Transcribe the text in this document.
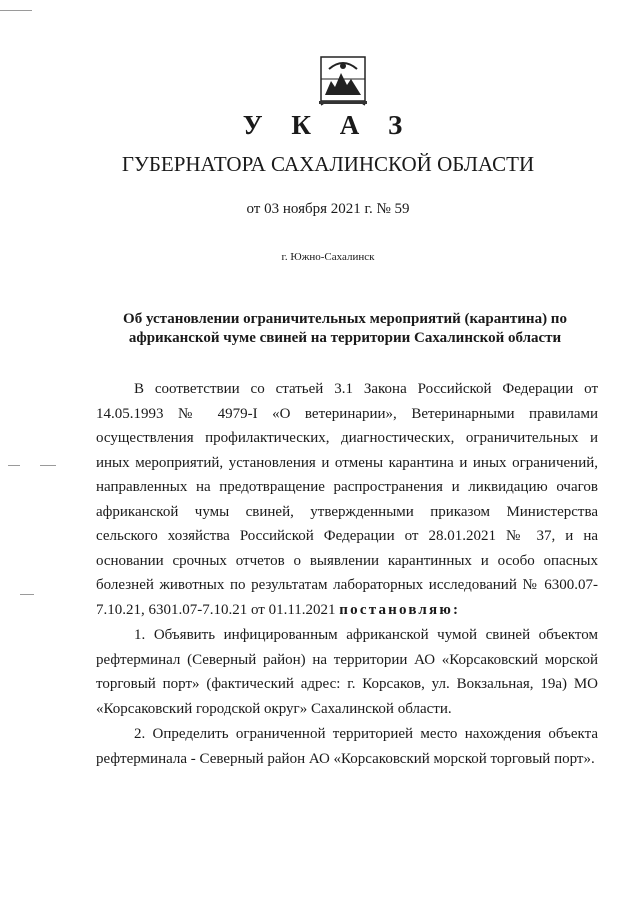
У К А З
ГУБЕРНАТОРА САХАЛИНСКОЙ ОБЛАСТИ
от 03 ноября 2021 г. № 59
г. Южно-Сахалинск
Об установлении ограничительных мероприятий (карантина) по африканской чуме свиней на территории Сахалинской области

В соответствии со статьей 3.1 Закона Российской Федерации от 14.05.1993 № 4979-I «О ветеринарии», Ветеринарными правилами осуществления профилактических, диагностических, ограничительных и иных мероприятий, установления и отмены карантина и иных ограничений, направленных на предотвращение распространения и ликвидацию очагов африканской чумы свиней, утвержденными приказом Министерства сельского хозяйства Российской Федерации от 28.01.2021 № 37, и на основании срочных отчетов о выявлении карантинных и особо опасных болезней животных по результатам лабораторных исследований № 6300.07-7.10.21, 6301.07-7.10.21 от 01.11.2021 постановляю:

1. Объявить инфицированным африканской чумой свиней объектом рефтерминал (Северный район) на территории АО «Корсаковский морской торговый порт» (фактический адрес: г. Корсаков, ул. Вокзальная, 19а) МО «Корсаковский городской округ» Сахалинской области.

2. Определить ограниченной территорией место нахождения объекта рефтерминала - Северный район АО «Корсаковский морской торговый порт».
